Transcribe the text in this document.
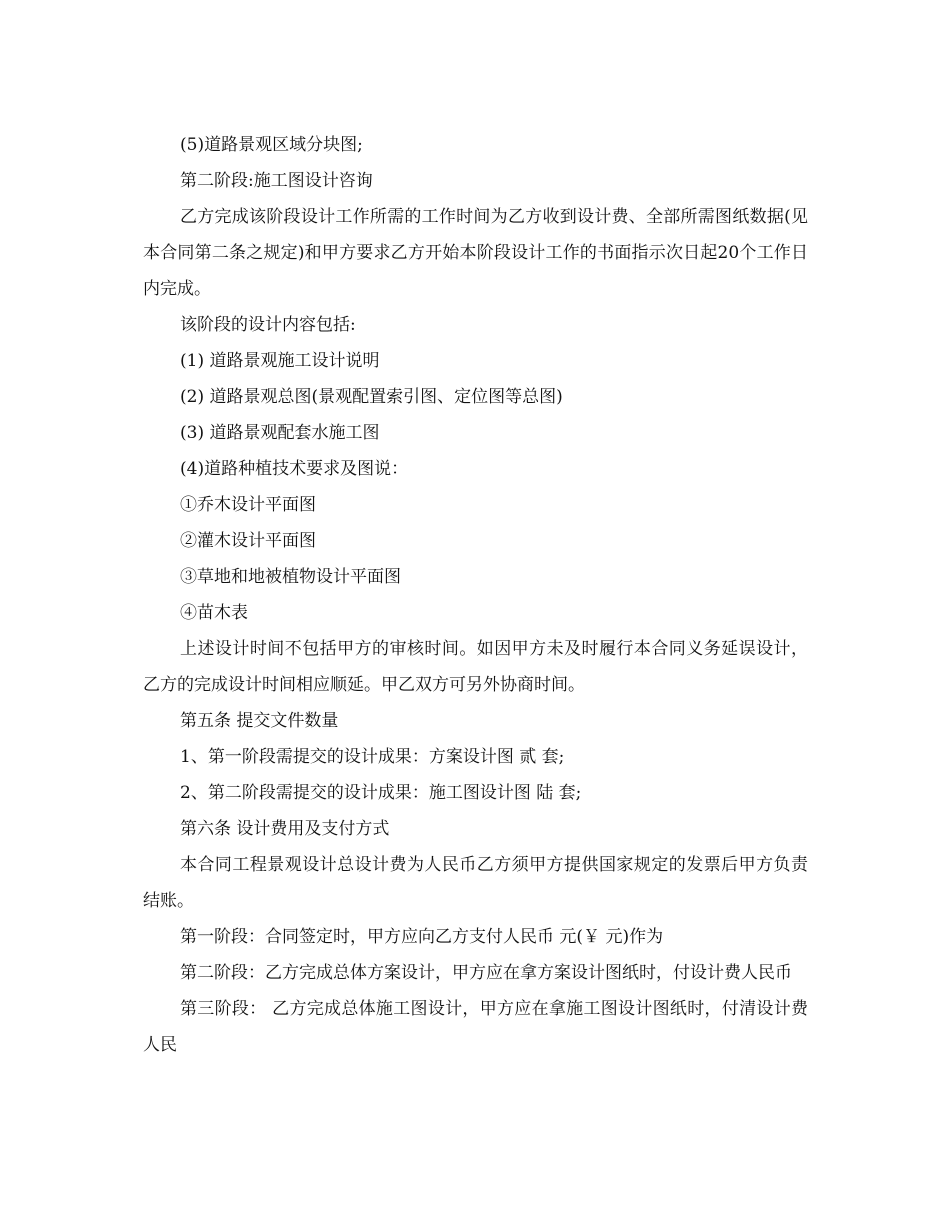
(5)道路景观区域分块图;

第二阶段:施工图设计咨询

乙方完成该阶段设计工作所需的工作时间为乙方收到设计费、全部所需图纸数据(见本合同第二条之规定)和甲方要求乙方开始本阶段设计工作的书面指示次日起20个工作日内完成。

该阶段的设计内容包括:

(1) 道路景观施工设计说明

(2) 道路景观总图(景观配置索引图、定位图等总图)

(3) 道路景观配套水施工图

(4)道路种植技术要求及图说：

①乔木设计平面图

②灌木设计平面图

③草地和地被植物设计平面图

④苗木表

上述设计时间不包括甲方的审核时间。如因甲方未及时履行本合同义务延误设计，乙方的完成设计时间相应顺延。甲乙双方可另外协商时间。

第五条 提交文件数量

1、第一阶段需提交的设计成果：方案设计图 贰 套;

2、第二阶段需提交的设计成果：施工图设计图 陆 套;

第六条 设计费用及支付方式

本合同工程景观设计总设计费为人民币乙方须甲方提供国家规定的发票后甲方负责结账。

第一阶段：合同签定时，甲方应向乙方支付人民币 元(￥ 元)作为

第二阶段：乙方完成总体方案设计，甲方应在拿方案设计图纸时，付设计费人民币

第三阶段： 乙方完成总体施工图设计，甲方应在拿施工图设计图纸时，付清设计费人民
